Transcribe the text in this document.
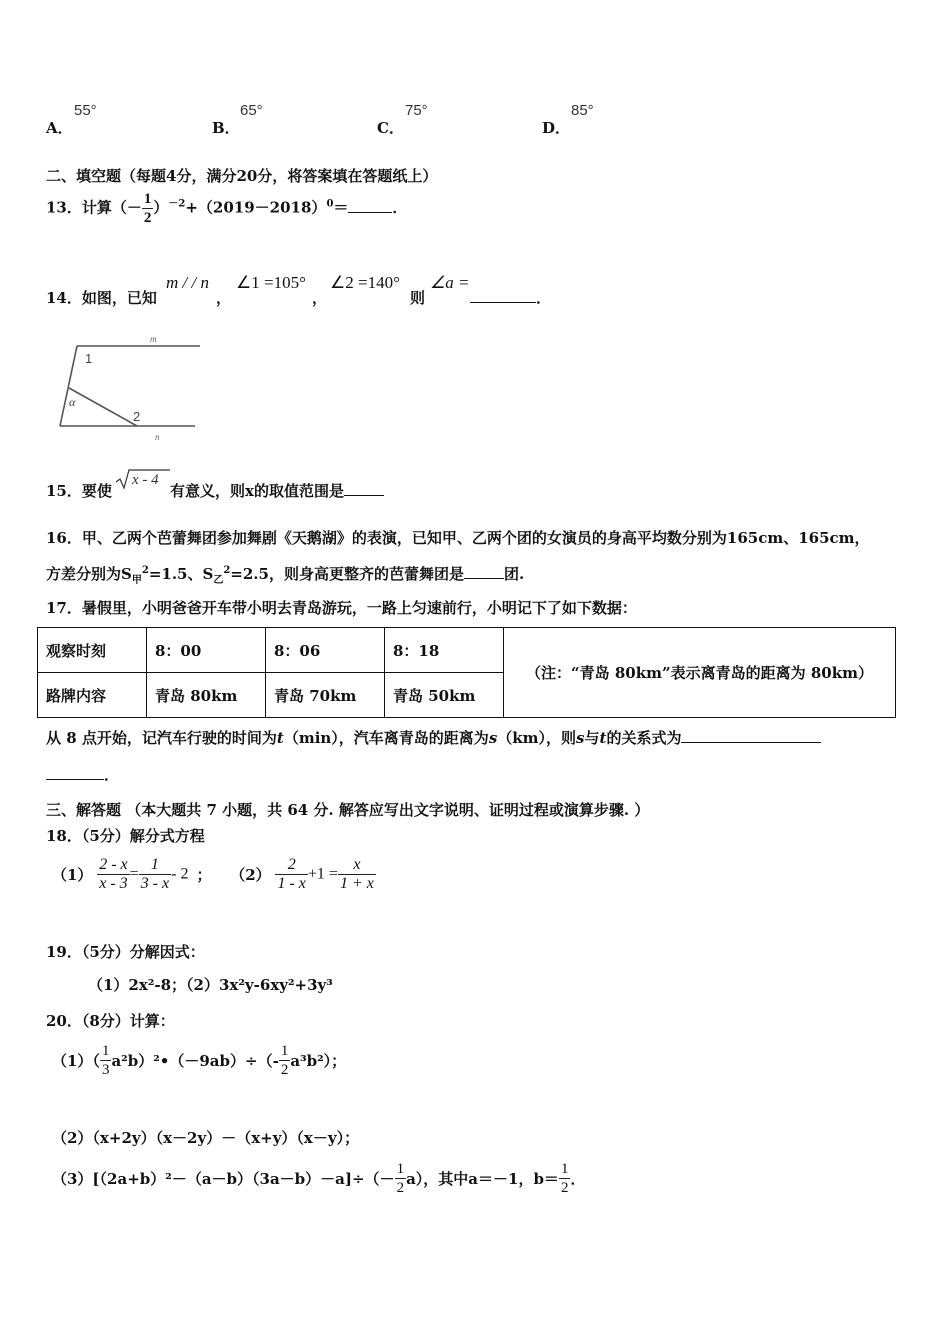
A．
55°
B．
65°
C．
75°
D．
85°
二、填空题（每题4分，满分20分，将答案填在答题纸上）
13．计算（－ $\frac{1}{2} )^{-2}+(2019-2018)^0=$	．
14．如图，已知
m / / n
，
∠1 =105°
，
∠2 =140°
则
∠a =
．
m
n
1
2
α
15．要使
x - 4
有意义，则x的取值范围是
16．甲、乙两个芭蕾舞团参加舞剧《天鹅湖》的表演，已知甲、乙两个团的女演员的身高平均数分别为165cm、165cm，
方差分别为$S_甲^2=1.5$、$S_乙^2=2.5$，则身高更整齐的芭蕾舞团是	团.
17．暑假里，小明爸爸开车带小明去青岛游玩，一路上匀速前行，小明记下了如下数据：
观察时刻	8：00	8：06	8：18	（注：“青岛 80km”表示离青岛的距离为 80km）
路牌内容	青岛 80km	青岛 70km	青岛 50km	
从 8 点开始，记汽车行驶的时间为t（min），汽车离青岛的距离为s（km），则s与t的关系式为
．
三、解答题 （本大题共 7 小题，共 64 分. 解答应写出文字说明、证明过程或演算步骤. ）
18．（5分）解分式方程
$(1) \frac{2 - x}{x - 3} = \frac{1}{3 - x} - 2$ ； $(2) \frac{2}{1 - x} +1 = \frac{x}{1 + x}$
19．（5分）分解因式：
（1）2x²-8；（2）3x²y-6xy²+3y³
20．（8分）计算：
$(1)( \frac{1}{3}$ a²b）²•（－9ab）÷（- $\frac{1}{2} a^3b^2$）；
（2）（x+2y）（x－2y）－（x+y）（x－y）；
$(3)[(2a+b)^2-(a-b)(3a-b)-a]\div(- \frac{1}{2} a)$，其中a＝－1，$b= \frac{1}{2}$ ．
